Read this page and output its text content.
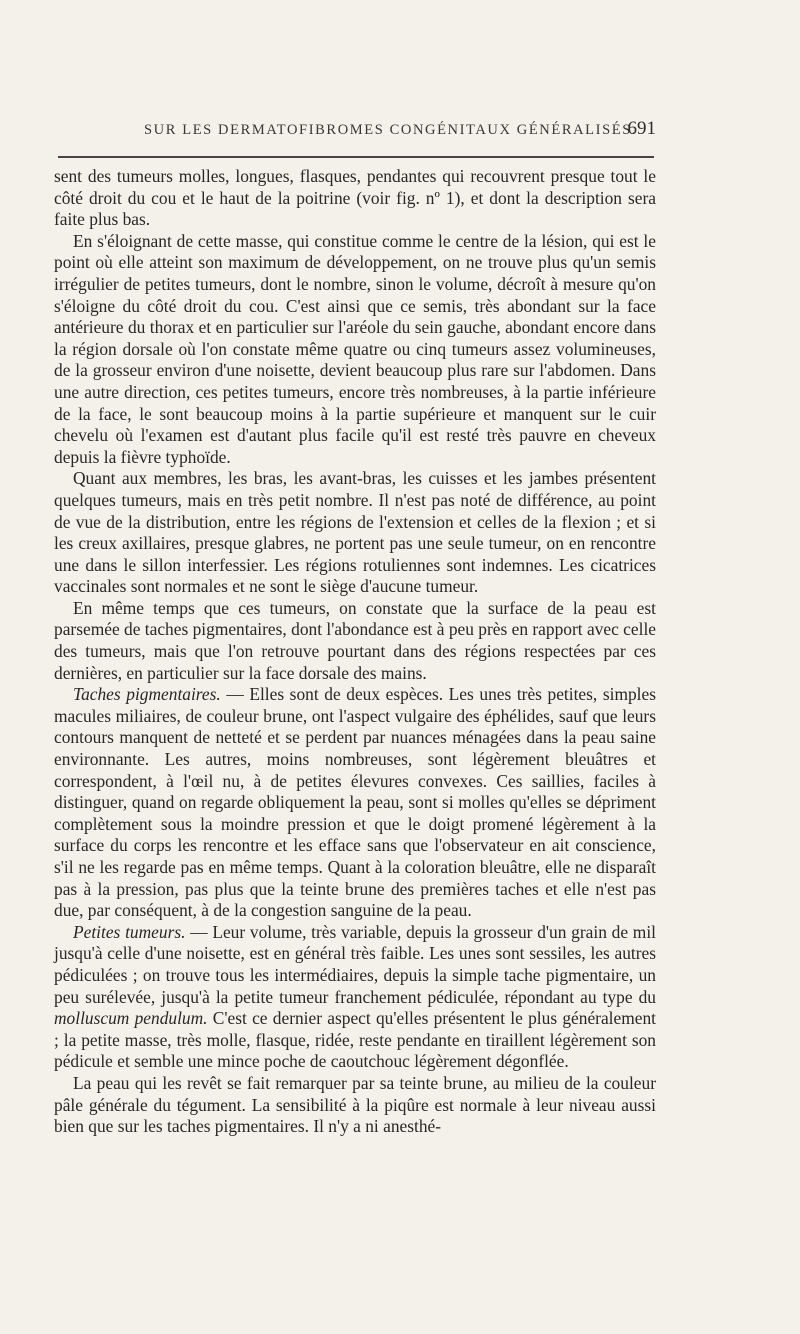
SUR LES DERMATOFIBROMES CONGÉNITAUX GÉNÉRALISÉS.
691

sent des tumeurs molles, longues, flasques, pendantes qui recouvrent presque tout le côté droit du cou et le haut de la poitrine (voir fig. nº 1), et dont la description sera faite plus bas.

En s'éloignant de cette masse, qui constitue comme le centre de la lésion, qui est le point où elle atteint son maximum de développement, on ne trouve plus qu'un semis irrégulier de petites tumeurs, dont le nombre, sinon le volume, décroît à mesure qu'on s'éloigne du côté droit du cou. C'est ainsi que ce semis, très abondant sur la face antérieure du thorax et en particulier sur l'aréole du sein gauche, abondant encore dans la région dorsale où l'on constate même quatre ou cinq tumeurs assez volumineuses, de la grosseur environ d'une noisette, devient beaucoup plus rare sur l'abdomen. Dans une autre direction, ces petites tumeurs, encore très nombreuses, à la partie inférieure de la face, le sont beaucoup moins à la partie supérieure et manquent sur le cuir chevelu où l'examen est d'autant plus facile qu'il est resté très pauvre en cheveux depuis la fièvre typhoïde.

Quant aux membres, les bras, les avant-bras, les cuisses et les jambes présentent quelques tumeurs, mais en très petit nombre. Il n'est pas noté de différence, au point de vue de la distribution, entre les régions de l'extension et celles de la flexion ; et si les creux axillaires, presque glabres, ne portent pas une seule tumeur, on en rencontre une dans le sillon interfessier. Les régions rotuliennes sont indemnes. Les cicatrices vaccinales sont normales et ne sont le siège d'aucune tumeur.

En même temps que ces tumeurs, on constate que la surface de la peau est parsemée de taches pigmentaires, dont l'abondance est à peu près en rapport avec celle des tumeurs, mais que l'on retrouve pourtant dans des régions respectées par ces dernières, en particulier sur la face dorsale des mains.

Taches pigmentaires. — Elles sont de deux espèces. Les unes très petites, simples macules miliaires, de couleur brune, ont l'aspect vulgaire des éphélides, sauf que leurs contours manquent de netteté et se perdent par nuances ménagées dans la peau saine environnante. Les autres, moins nombreuses, sont légèrement bleuâtres et correspondent, à l'œil nu, à de petites élevures convexes. Ces saillies, faciles à distinguer, quand on regarde obliquement la peau, sont si molles qu'elles se dépriment complètement sous la moindre pression et que le doigt promené légèrement à la surface du corps les rencontre et les efface sans que l'observateur en ait conscience, s'il ne les regarde pas en même temps. Quant à la coloration bleuâtre, elle ne disparaît pas à la pression, pas plus que la teinte brune des premières taches et elle n'est pas due, par conséquent, à de la congestion sanguine de la peau.

Petites tumeurs. — Leur volume, très variable, depuis la grosseur d'un grain de mil jusqu'à celle d'une noisette, est en général très faible. Les unes sont sessiles, les autres pédiculées ; on trouve tous les intermédiaires, depuis la simple tache pigmentaire, un peu surélevée, jusqu'à la petite tumeur franchement pédiculée, répondant au type du molluscum pendulum. C'est ce dernier aspect qu'elles présentent le plus généralement ; la petite masse, très molle, flasque, ridée, reste pendante en tiraillent légèrement son pédicule et semble une mince poche de caoutchouc légèrement dégonflée.

La peau qui les revêt se fait remarquer par sa teinte brune, au milieu de la couleur pâle générale du tégument. La sensibilité à la piqûre est normale à leur niveau aussi bien que sur les taches pigmentaires. Il n'y a ni anesthé-
